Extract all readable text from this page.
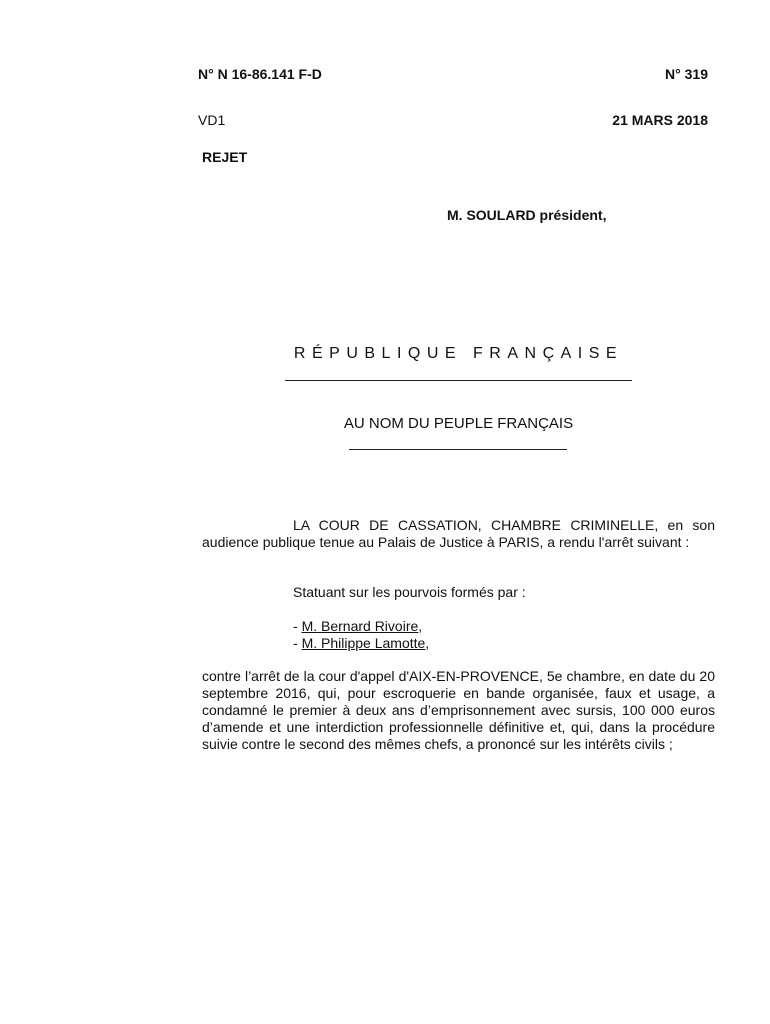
N° N 16-86.141 F-D	N° 319

VD1	21 MARS 2018

REJET

M. SOULARD président,

RÉPUBLIQUE FRANÇAISE

AU NOM DU PEUPLE FRANÇAIS

LA COUR DE CASSATION, CHAMBRE CRIMINELLE, en son audience publique tenue au Palais de Justice à PARIS, a rendu l'arrêt suivant :

Statuant sur les pourvois formés par :

- M. Bernard Rivoire,

- M. Philippe Lamotte,

contre l’arrêt de la cour d'appel d'AIX-EN-PROVENCE, 5e chambre, en date du 20 septembre 2016, qui, pour escroquerie en bande organisée, faux et usage, a condamné le premier à deux ans d’emprisonnement avec sursis, 100 000 euros d’amende et une interdiction professionnelle définitive et, qui, dans la procédure suivie contre le second des mêmes chefs, a prononcé sur les intérêts civils ;
